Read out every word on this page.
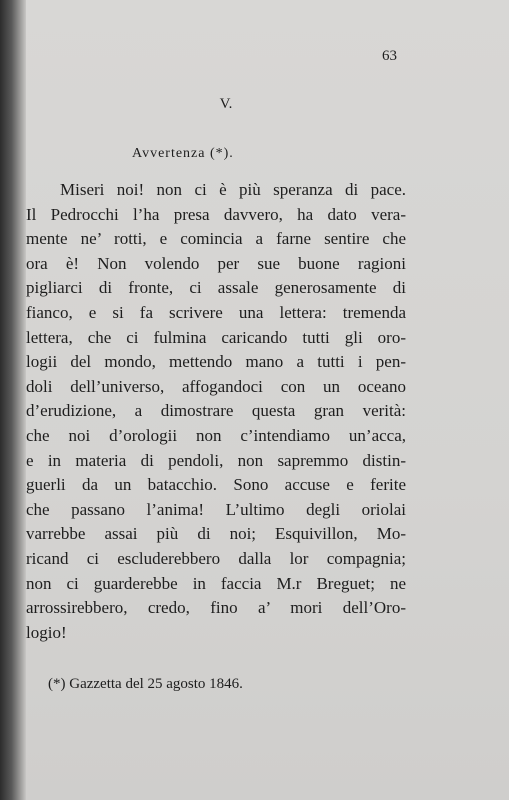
63
V.
Avvertenza (*).
Miseri noi! non ci è più speranza di pace.
Il Pedrocchi l’ha presa davvero, ha dato vera-
mente ne’ rotti, e comincia a farne sentire che
ora è! Non volendo per sue buone ragioni
pigliarci di fronte, ci assale generosamente di
fianco, e si fa scrivere una lettera: tremenda
lettera, che ci fulmina caricando tutti gli oro-
logii del mondo, mettendo mano a tutti i pen-
doli dell’universo, affogandoci con un oceano
d’erudizione, a dimostrare questa gran verità:
che noi d’orologii non c’intendiamo un’acca,
e in materia di pendoli, non sapremmo distin-
guerli da un batacchio. Sono accuse e ferite
che passano l’anima! L’ultimo degli oriolai
varrebbe assai più di noi; Esquivillon, Mo-
ricand ci escluderebbero dalla lor compagnia;
non ci guarderebbe in faccia M.r Breguet; ne
arrossirebbero, credo, fino a’ mori dell’Oro-
logio!
(*) Gazzetta del 25 agosto 1846.
